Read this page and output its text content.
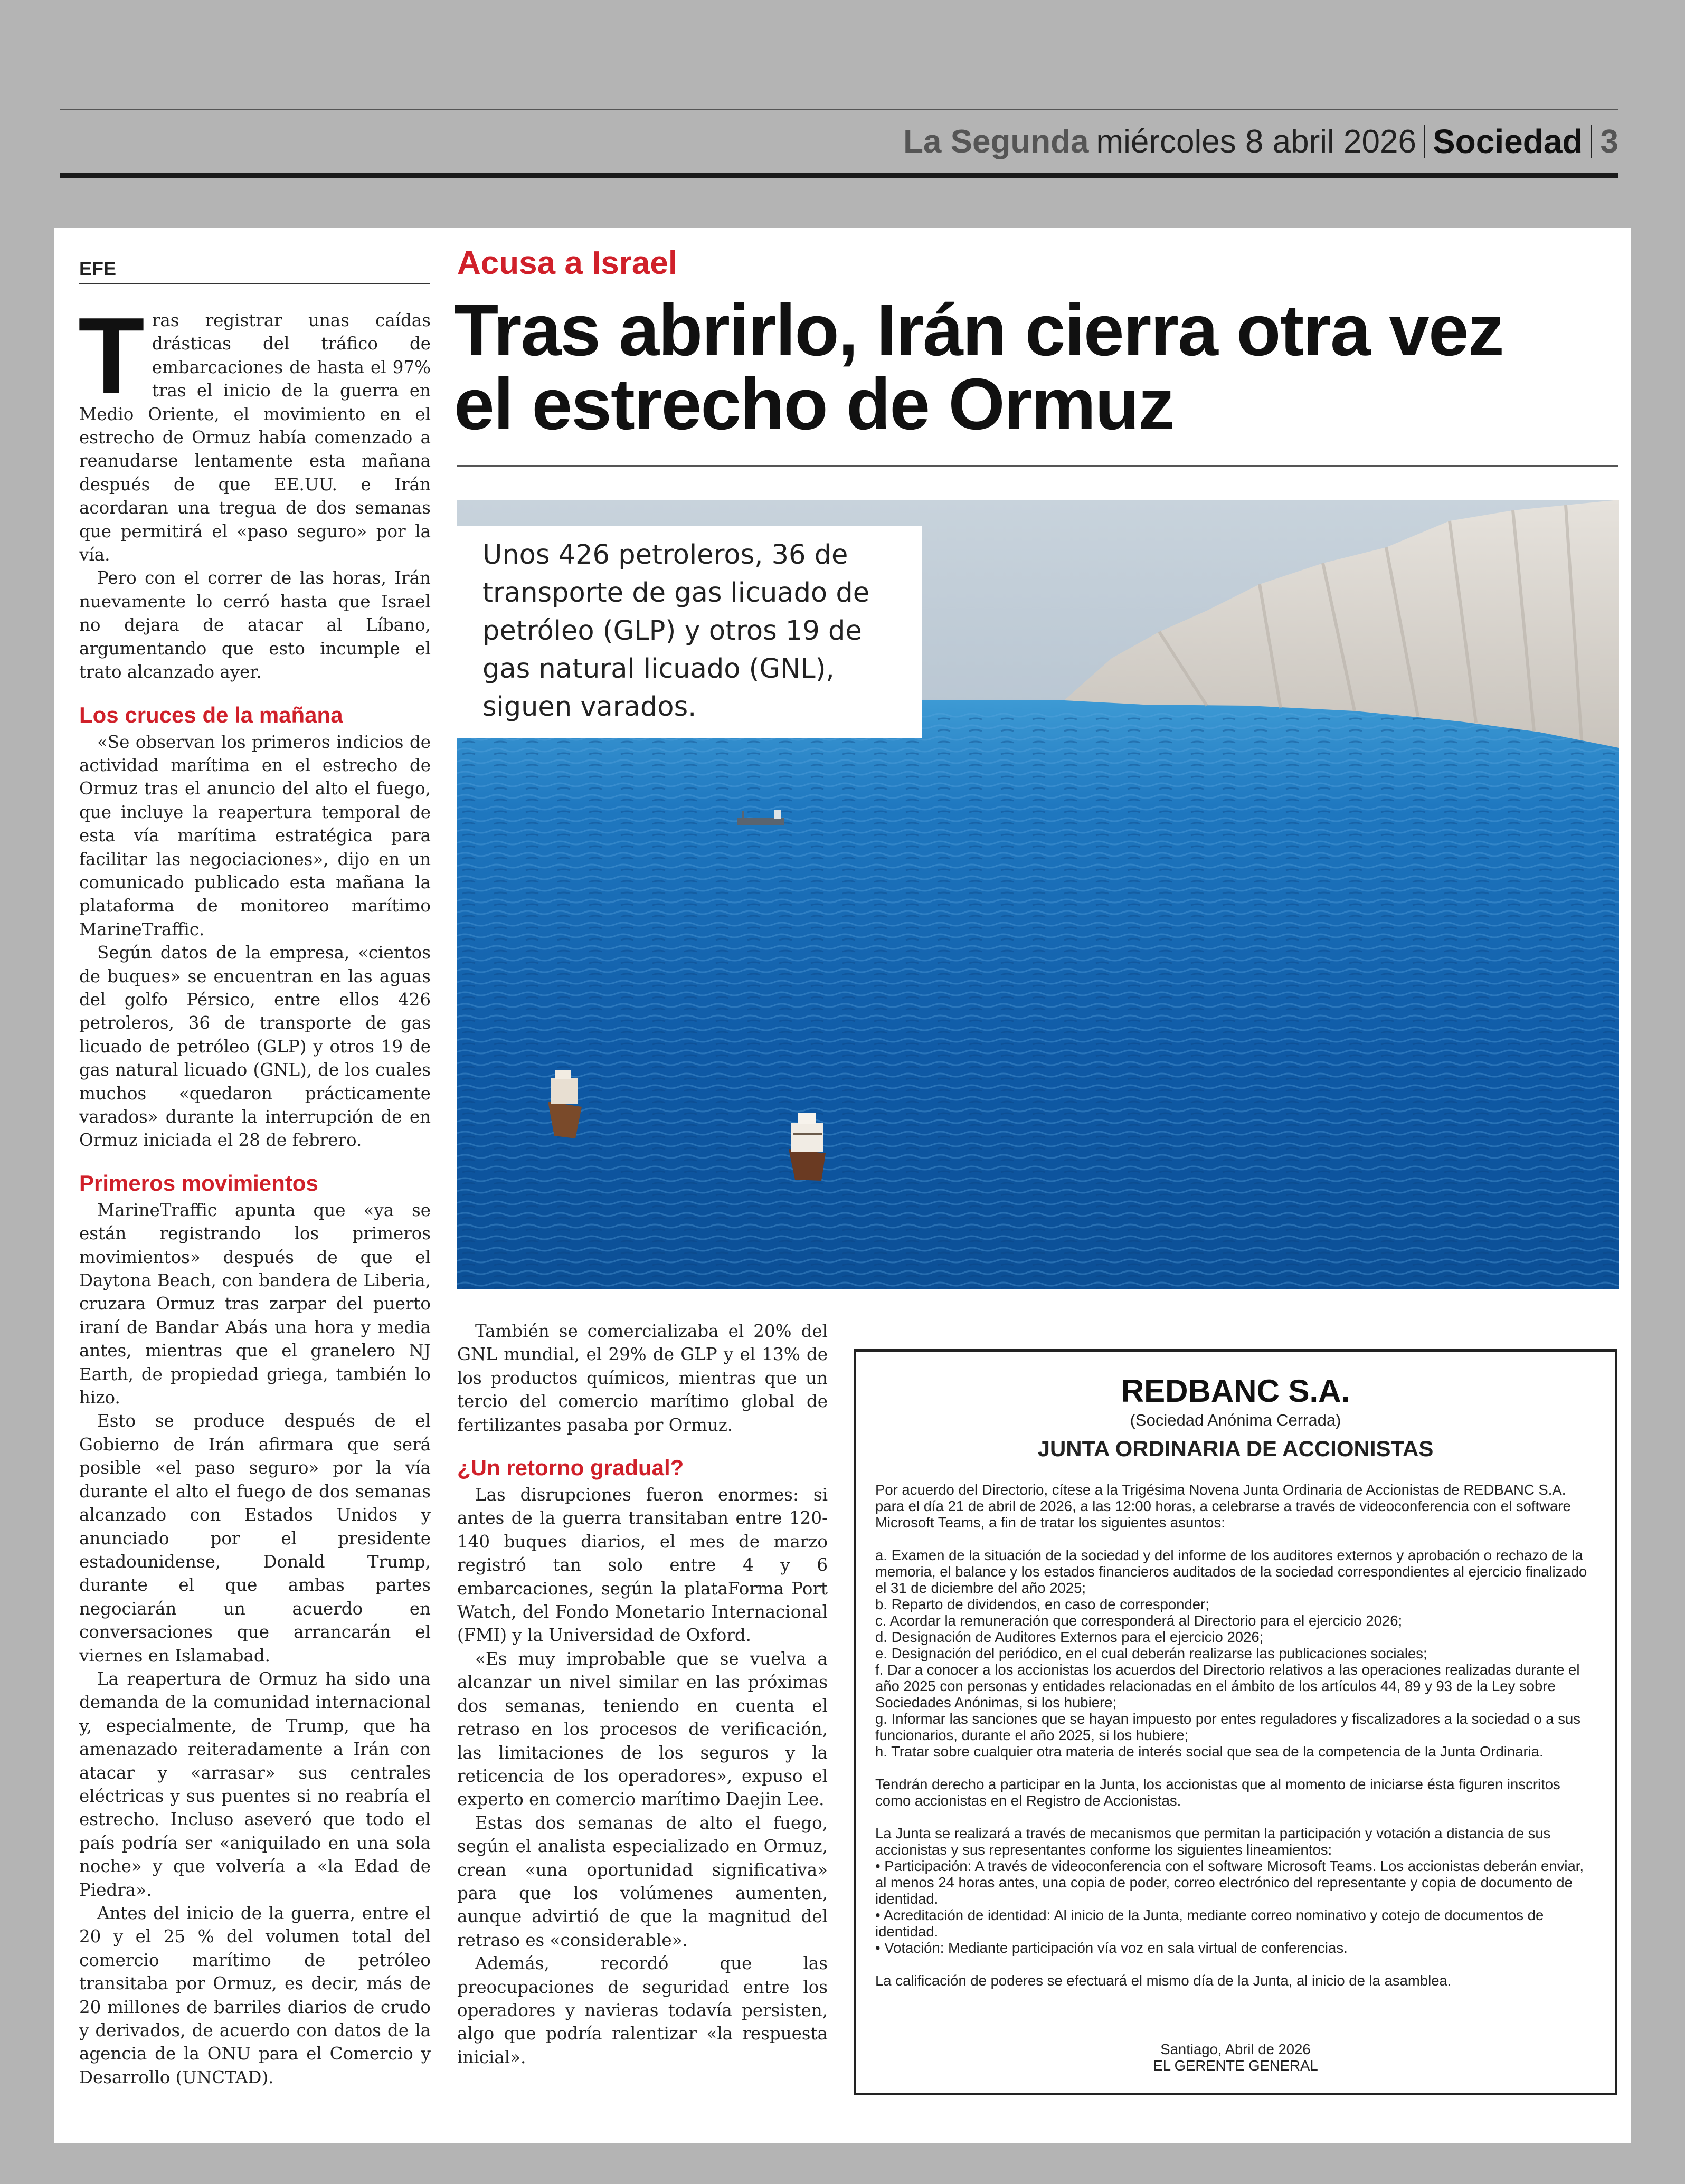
La Segunda miércoles 8 abril 2026 Sociedad 3
EFE	Acusa a Israel
Tras abrirlo, Irán cierra otra vez
el estrecho de Ormuz

Tras registrar unas caídas drásticas del tráfico de embarcaciones de hasta el 97% tras el inicio de la guerra en Medio Oriente, el movimiento en el estrecho de Ormuz había comenzado a reanudarse lentamente esta mañana después de que EE.UU. e Irán acordaran una tregua de dos semanas que permitirá el «paso seguro» por la vía.

Pero con el correr de las horas, Irán nuevamente lo cerró hasta que Israel no dejara de atacar al Líbano, argumentando que esto incumple el trato alcanzado ayer.

Los cruces de la mañana

«Se observan los primeros indicios de actividad marítima en el estrecho de Ormuz tras el anuncio del alto el fuego, que incluye la reapertura temporal de esta vía marítima estratégica para facilitar las negociaciones», dijo en un comunicado publicado esta mañana la plataforma de monitoreo marítimo MarineTraffic.

Según datos de la empresa, «cientos de buques» se encuentran en las aguas del golfo Pérsico, entre ellos 426 petroleros, 36 de transporte de gas licuado de petróleo (GLP) y otros 19 de gas natural licuado (GNL), de los cuales muchos «quedaron prácticamente varados» durante la interrupción de en Ormuz iniciada el 28 de febrero.

Primeros movimientos

MarineTraffic apunta que «ya se están registrando los primeros movimientos» después de que el Daytona Beach, con bandera de Liberia, cruzara Ormuz tras zarpar del puerto iraní de Bandar Abás una hora y media antes, mientras que el granelero NJ Earth, de propiedad griega, también lo hizo.

Esto se produce después de el Gobierno de Irán afirmara que será posible «el paso seguro» por la vía durante el alto el fuego de dos semanas alcanzado con Estados Unidos y anunciado por el presidente estadounidense, Donald Trump, durante el que ambas partes negociarán un acuerdo en conversaciones que arrancarán el viernes en Islamabad.

La reapertura de Ormuz ha sido una demanda de la comunidad internacional y, especialmente, de Trump, que ha amenazado reiteradamente a Irán con atacar y «arrasar» sus centrales eléctricas y sus puentes si no reabría el estrecho. Incluso aseveró que todo el país podría ser «aniquilado en una sola noche» y que volvería a «la Edad de Piedra».

Antes del inicio de la guerra, entre el 20 y el 25 % del volumen total del comercio marítimo de petróleo transitaba por Ormuz, es decir, más de 20 millones de barriles diarios de crudo y derivados, de acuerdo con datos de la agencia de la ONU para el Comercio y Desarrollo (UNCTAD).

Unos 426 petroleros, 36 de transporte de gas licuado de petróleo (GLP) y otros 19 de gas natural licuado (GNL), siguen varados.

También se comercializaba el 20% del GNL mundial, el 29% de GLP y el 13% de los productos químicos, mientras que un tercio del comercio marítimo global de fertilizantes pasaba por Ormuz.

¿Un retorno gradual?

Las disrupciones fueron enormes: si antes de la guerra transitaban entre 120-140 buques diarios, el mes de marzo registró tan solo entre 4 y 6 embarcaciones, según la plataForma Port Watch, del Fondo Monetario Internacional (FMI) y la Universidad de Oxford.

«Es muy improbable que se vuelva a alcanzar un nivel similar en las próximas dos semanas, teniendo en cuenta el retraso en los procesos de verificación, las limitaciones de los seguros y la reticencia de los operadores», expuso el experto en comercio marítimo Daejin Lee.

Estas dos semanas de alto el fuego, según el analista especializado en Ormuz, crean «una oportunidad significativa» para que los volúmenes aumenten, aunque advirtió de que la magnitud del retraso es «considerable».

Además, recordó que las preocupaciones de seguridad entre los operadores y navieras todavía persisten, algo que podría ralentizar «la respuesta inicial».

REDBANC S.A.
(Sociedad Anónima Cerrada)
JUNTA ORDINARIA DE ACCIONISTAS

Por acuerdo del Directorio, cítese a la Trigésima Novena Junta Ordinaria de Accionistas de REDBANC S.A. para el día 21 de abril de 2026, a las 12:00 horas, a celebrarse a través de videoconferencia con el software Microsoft Teams, a fin de tratar los siguientes asuntos:

a. Examen de la situación de la sociedad y del informe de los auditores externos y aprobación o rechazo de la memoria, el balance y los estados financieros auditados de la sociedad correspondientes al ejercicio finalizado el 31 de diciembre del año 2025;

b. Reparto de dividendos, en caso de corresponder;

c. Acordar la remuneración que corresponderá al Directorio para el ejercicio 2026;

d. Designación de Auditores Externos para el ejercicio 2026;

e. Designación del periódico, en el cual deberán realizarse las publicaciones sociales;

f. Dar a conocer a los accionistas los acuerdos del Directorio relativos a las operaciones realizadas durante el año 2025 con personas y entidades relacionadas en el ámbito de los artículos 44, 89 y 93 de la Ley sobre Sociedades Anónimas, si los hubiere;

g. Informar las sanciones que se hayan impuesto por entes reguladores y fiscalizadores a la sociedad o a sus funcionarios, durante el año 2025, si los hubiere;

h. Tratar sobre cualquier otra materia de interés social que sea de la competencia de la Junta Ordinaria.

Tendrán derecho a participar en la Junta, los accionistas que al momento de iniciarse ésta figuren inscritos como accionistas en el Registro de Accionistas.

La Junta se realizará a través de mecanismos que permitan la participación y votación a distancia de sus accionistas y sus representantes conforme los siguientes lineamientos:

• Participación: A través de videoconferencia con el software Microsoft Teams. Los accionistas deberán enviar, al menos 24 horas antes, una copia de poder, correo electrónico del representante y copia de documento de identidad.

• Acreditación de identidad: Al inicio de la Junta, mediante correo nominativo y cotejo de documentos de identidad.

• Votación: Mediante participación vía voz en sala virtual de conferencias.

La calificación de poderes se efectuará el mismo día de la Junta, al inicio de la asamblea.

Santiago, Abril de 2026
EL GERENTE GENERAL
